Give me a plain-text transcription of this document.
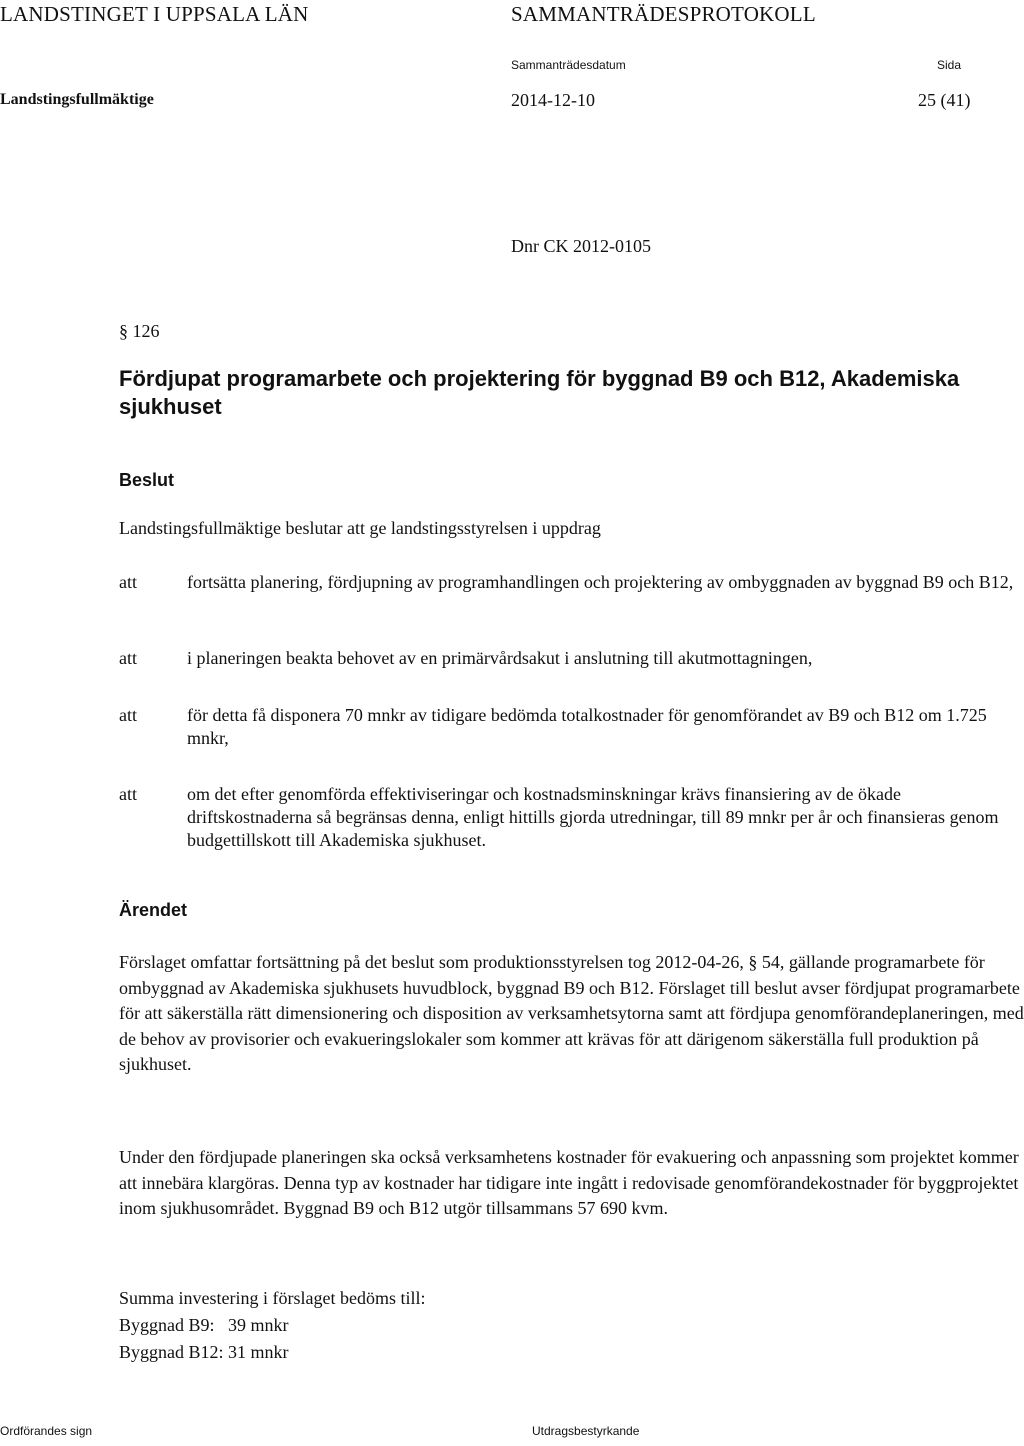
LANDSTINGET I UPPSALA LÄN	SAMMANTRÄDESPROTOKOLL
Sammanträdesdatum	Sida
Landstingsfullmäktige	2014-12-10	25 (41)
Dnr CK 2012-0105
§ 126
Fördjupat programarbete och projektering för byggnad B9 och B12, Akademiska sjukhuset
Beslut
Landstingsfullmäktige beslutar att ge landstingsstyrelsen i uppdrag
att	fortsätta planering, fördjupning av programhandlingen och projektering av ombyggnaden av byggnad B9 och B12,
att	i planeringen beakta behovet av en primärvårdsakut i anslutning till akutmottagningen,
att	för detta få disponera 70 mnkr av tidigare bedömda totalkostnader för genomförandet av B9 och B12 om 1.725 mnkr,
att	om det efter genomförda effektiviseringar och kostnadsminskningar krävs finansiering av de ökade driftskostnaderna så begränsas denna, enligt hittills gjorda utredningar, till 89 mnkr per år och finansieras genom budgettillskott till Akademiska sjukhuset.
Ärendet
Förslaget omfattar fortsättning på det beslut som produktionsstyrelsen tog 2012-04-26, § 54, gällande programarbete för ombyggnad av Akademiska sjukhusets huvudblock, byggnad B9 och B12. Förslaget till beslut avser fördjupat programarbete för att säkerställa rätt dimensionering och disposition av verksamhetsytorna samt att fördjupa genomförandeplaneringen, med de behov av provisorier och evakueringslokaler som kommer att krävas för att därigenom säkerställa full produktion på sjukhuset.
Under den fördjupade planeringen ska också verksamhetens kostnader för evakuering och anpassning som projektet kommer att innebära klargöras. Denna typ av kostnader har tidigare inte ingått i redovisade genomförandekostnader för byggprojektet inom sjukhusområdet. Byggnad B9 och B12 utgör tillsammans 57 690 kvm.
Summa investering i förslaget bedöms till:
Byggnad B9:   39 mnkr
Byggnad B12: 31 mnkr
Ordförandes sign	Utdragsbestyrkande
